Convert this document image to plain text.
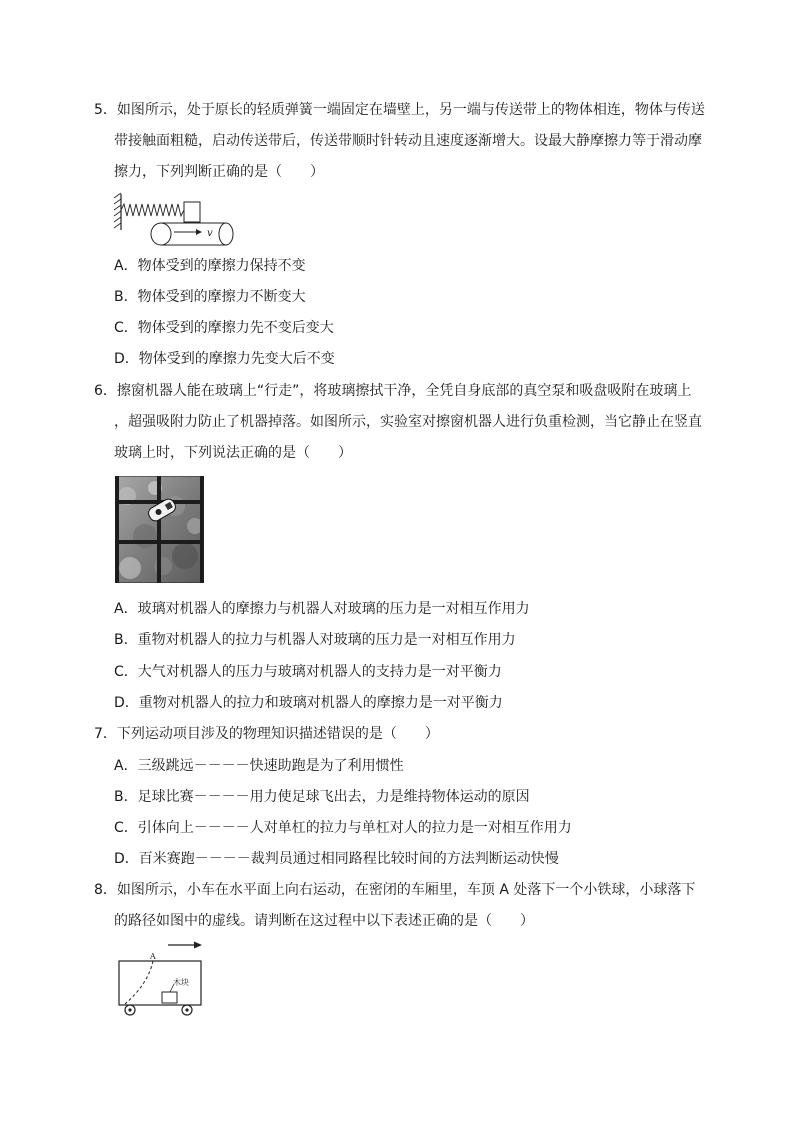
5．如图所示，处于原长的轻质弹簧一端固定在墙壁上，另一端与传送带上的物体相连，物体与传送
带接触面粗糙，启动传送带后，传送带顺时针转动且速度逐渐增大。设最大静摩擦力等于滑动摩
擦力，下列判断正确的是（　　）
v
A．物体受到的摩擦力保持不变
B．物体受到的摩擦力不断变大
C．物体受到的摩擦力先不变后变大
D．物体受到的摩擦力先变大后不变
6．擦窗机器人能在玻璃上“行走”，将玻璃擦拭干净，全凭自身底部的真空泵和吸盘吸附在玻璃上
，超强吸附力防止了机器掉落。如图所示，实验室对擦窗机器人进行负重检测，当它静止在竖直
玻璃上时，下列说法正确的是（　　）
A．玻璃对机器人的摩擦力与机器人对玻璃的压力是一对相互作用力
B．重物对机器人的拉力与机器人对玻璃的压力是一对相互作用力
C．大气对机器人的压力与玻璃对机器人的支持力是一对平衡力
D．重物对机器人的拉力和玻璃对机器人的摩擦力是一对平衡力
7．下列运动项目涉及的物理知识描述错误的是（　　）
A．三级跳远－－－－快速助跑是为了利用惯性
B．足球比赛－－－－用力使足球飞出去，力是维持物体运动的原因
C．引体向上－－－－人对单杠的拉力与单杠对人的拉力是一对相互作用力
D．百米赛跑－－－－裁判员通过相同路程比较时间的方法判断运动快慢
8．如图所示，小车在水平面上向右运动，在密闭的车厢里，车顶 A 处落下一个小铁球，小球落下
的路径如图中的虚线。请判断在这过程中以下表述正确的是（　　）
A
木块
